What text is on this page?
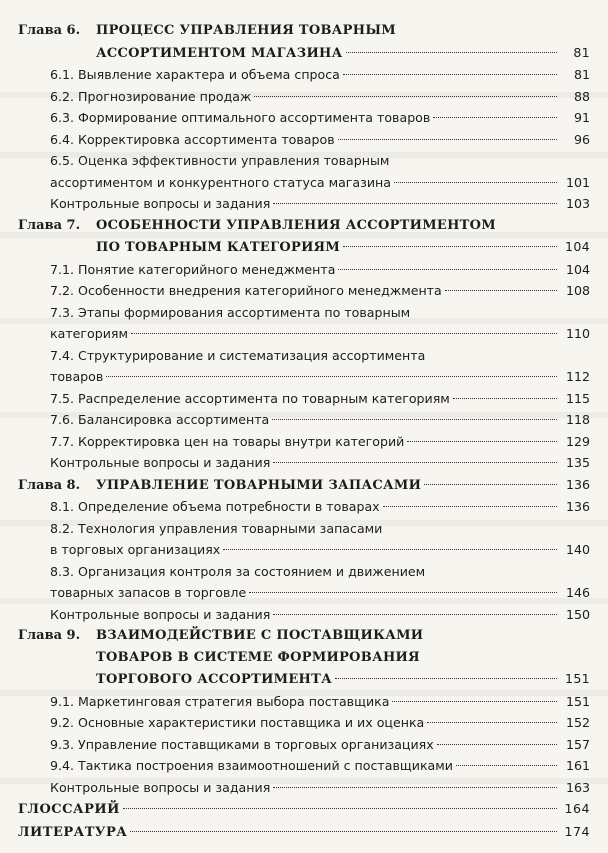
Глава 6.	ПРОЦЕСС УПРАВЛЕНИЯ ТОВАРНЫМ
АССОРТИМЕНТОМ МАГАЗИНА	81
6.1. Выявление характера и объема спроса	81
6.2. Прогнозирование продаж	88
6.3. Формирование оптимального ассортимента товаров	91
6.4. Корректировка ассортимента товаров	96
6.5. Оценка эффективности управления товарным
ассортиментом и конкурентного статуса магазина	101
Контрольные вопросы и задания	103
Глава 7.	ОСОБЕННОСТИ УПРАВЛЕНИЯ АССОРТИМЕНТОМ
ПО ТОВАРНЫМ КАТЕГОРИЯМ	104
7.1. Понятие категорийного менеджмента	104
7.2. Особенности внедрения категорийного менеджмента	108
7.3. Этапы формирования ассортимента по товарным
категориям	110
7.4. Структурирование и систематизация ассортимента
товаров	112
7.5. Распределение ассортимента по товарным категориям	115
7.6. Балансировка ассортимента	118
7.7. Корректировка цен на товары внутри категорий	129
Контрольные вопросы и задания	135
Глава 8.	УПРАВЛЕНИЕ ТОВАРНЫМИ ЗАПАСАМИ	136
8.1. Определение объема потребности в товарах	136
8.2. Технология управления товарными запасами
в торговых организациях	140
8.3. Организация контроля за состоянием и движением
товарных запасов в торговле	146
Контрольные вопросы и задания	150
Глава 9.	ВЗАИМОДЕЙСТВИЕ С ПОСТАВЩИКАМИ
ТОВАРОВ В СИСТЕМЕ ФОРМИРОВАНИЯ
ТОРГОВОГО АССОРТИМЕНТА	151
9.1. Маркетинговая стратегия выбора поставщика	151
9.2. Основные характеристики поставщика и их оценка	152
9.3. Управление поставщиками в торговых организациях	157
9.4. Тактика построения взаимоотношений с поставщиками	161
Контрольные вопросы и задания	163
ГЛОССАРИЙ	164
ЛИТЕРАТУРА	174
